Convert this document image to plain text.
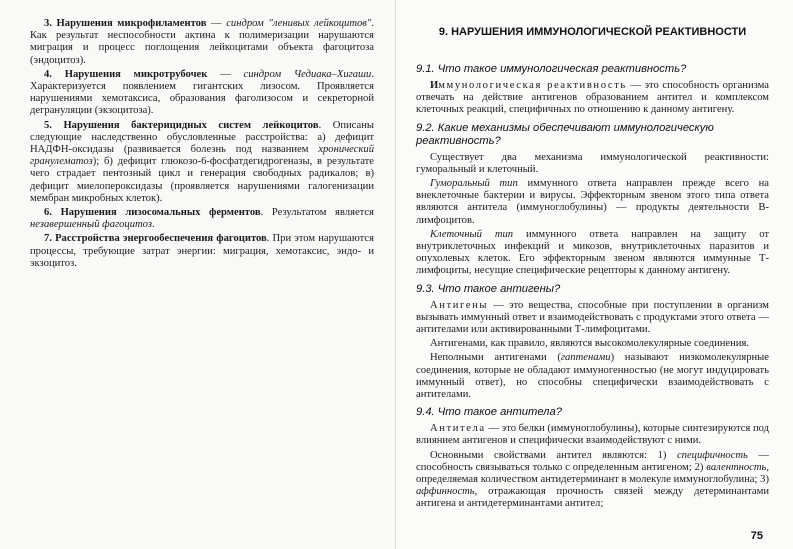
3. Нарушения микрофиламентов — синдром "ленивых лейкоцитов". Как результат неспособности актина к полимеризации нарушаются миграция и процесс поглощения лейкоцитами объекта фагоцитоза (эндоцитоз).

4. Нарушения микротрубочек — синдром Чедиака–Хигаши. Характеризуется появлением гигантских лизосом. Проявляется нарушениями хемотаксиса, образования фаголизосом и секреторной дегрануляции (экзоцитоза).

5. Нарушения бактерицидных систем лейкоцитов. Описаны следующие наследственно обусловленные расстройства: а) дефицит НАДФН-оксидазы (развивается болезнь под названием хронический гранулематоз); б) дефицит глюкозо-6-фосфатдегидрогеназы, в результате чего страдает пентозный цикл и генерация свободных радикалов; в) дефицит миелопероксидазы (проявляется нарушениями галогенизации мембран микробных клеток).

6. Нарушения лизосомальных ферментов. Результатом является незавершенный фагоцитоз.

7. Расстройства энергообеспечения фагоцитов. При этом нарушаются процессы, требующие затрат энергии: миграция, хемотаксис, эндо- и экзоцитоз.

9. НАРУШЕНИЯ ИММУНОЛОГИЧЕСКОЙ РЕАКТИВНОСТИ
9.1. Что такое иммунологическая реактивность?

Иммунологическая реактивность — это способность организма отвечать на действие антигенов образованием антител и комплексом клеточных реакций, специфичных по отношению к данному антигену.

9.2. Какие механизмы обеспечивают иммунологическую реактивность?

Существует два механизма иммунологической реактивности: гуморальный и клеточный.

Гуморальный тип иммунного ответа направлен прежде всего на внеклеточные бактерии и вирусы. Эффекторным звеном этого типа ответа являются антитела (иммуноглобулины) — продукты деятельности В-лимфоцитов.

Клеточный тип иммунного ответа направлен на защиту от внутриклеточных инфекций и микозов, внутриклеточных паразитов и опухолевых клеток. Его эффекторным звеном являются иммунные Т-лимфоциты, несущие специфические рецепторы к данному антигену.

9.3. Что такое антигены?

Антигены — это вещества, способные при поступлении в организм вызывать иммунный ответ и взаимодействовать с продуктами этого ответа — антителами или активированными Т-лимфоцитами.

Антигенами, как правило, являются высокомолекулярные соединения.

Неполными антигенами (гаптенами) называют низкомолекулярные соединения, которые не обладают иммуногенностью (не могут индуцировать иммунный ответ), но способны специфически взаимодействовать с антителами.

9.4. Что такое антитела?

Антитела — это белки (иммуноглобулины), которые синтезируются под влиянием антигенов и специфически взаимодействуют с ними.

Основными свойствами антител являются: 1) специфичность — способность связываться только с определенным антигеном; 2) валентность, определяемая количеством антидетерминант в молекуле иммуноглобулина; 3) аффинность, отражающая прочность связей между детерминантами антигена и антидетерминантами антител;

75
